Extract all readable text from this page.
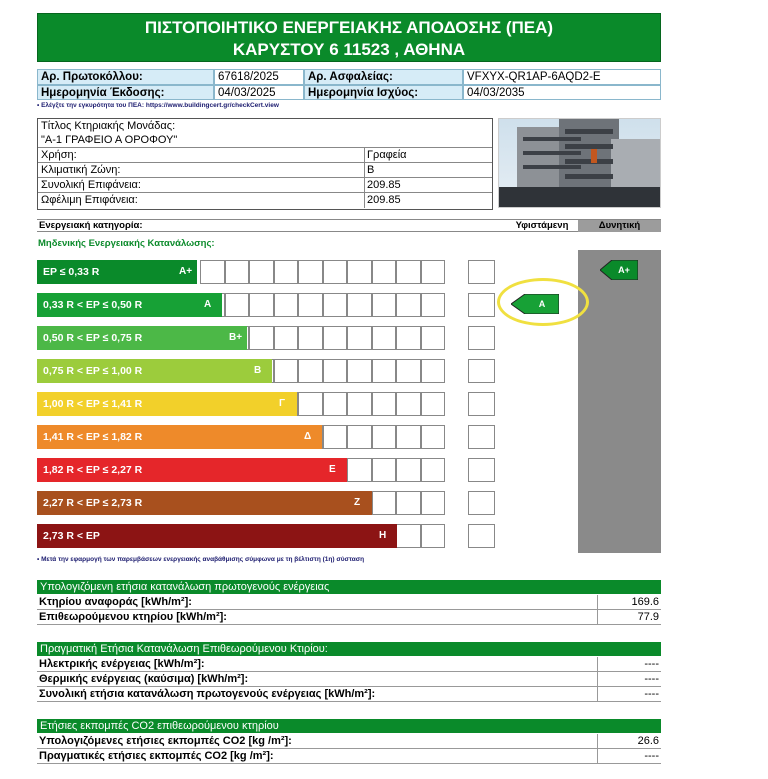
ΠΙΣΤΟΠΟΙΗΤΙΚΟ ΕΝΕΡΓΕΙΑΚΗΣ ΑΠΟΔΟΣΗΣ (ΠΕΑ)
ΚΑΡΥΣΤΟΥ 6 11523 , ΑΘΗΝΑ
Αρ. Πρωτοκόλλου:	67618/2025	Αρ. Ασφαλείας:	VFXYX-QR1AP-6AQD2-E
Ημερομηνία Έκδοσης:	04/03/2025	Ημερομηνία Ισχύος:	04/03/2035
• Ελέγξτε την εγκυρότητα του ΠΕΑ: https://www.buildingcert.gr/checkCert.view
Τίτλος Κτηριακής Μονάδας:
"Α-1 ΓΡΑΦΕΙΟ Α ΟΡΟΦΟΥ"
Χρήση:	Γραφεία
Κλιματική Ζώνη:	Β
Συνολική Επιφάνεια:	209.85
Ωφέλιμη Επιφάνεια:	209.85
Ενεργειακή κατηγορία:	Υφιστάμενη	Δυνητική
Μηδενικής Ενεργειακής Κατανάλωσης:
EP ≤ 0,33 R	A+
0,33 R < EP ≤ 0,50 R	A
0,50 R < EP ≤ 0,75 R	B+
0,75 R < EP ≤ 1,00 R	B
1,00 R < EP ≤ 1,41 R	Γ
1,41 R < EP ≤ 1,82 R	Δ
1,82 R < EP ≤ 2,27 R	Ε
2,27 R < EP ≤ 2,73 R	Ζ
2,73 R < EP	Η
A
A+
• Μετά την εφαρμογή των παρεμβάσεων ενεργειακής αναβάθμισης σύμφωνα με τη βέλτιστη (1η) σύσταση
Υπολογιζόμενη ετήσια κατανάλωση πρωτογενούς ενέργειας
Κτηρίου αναφοράς [kWh/m²]:	169.6
Επιθεωρούμενου κτηρίου [kWh/m²]:	77.9
Πραγματική Ετήσια Κατανάλωση Επιθεωρούμενου Κτιρίου:
Ηλεκτρικής ενέργειας [kWh/m²]:	----
Θερμικής ενέργειας (καύσιμα) [kWh/m²]:	----
Συνολική ετήσια κατανάλωση πρωτογενούς ενέργειας [kWh/m²]:	----
Ετήσιες εκπομπές CO2 επιθεωρούμενου κτηρίου
Υπολογιζόμενες ετήσιες εκπομπές CO2 [kg /m²]:	26.6
Πραγματικές ετήσιες εκπομπές CO2 [kg /m²]:	----
